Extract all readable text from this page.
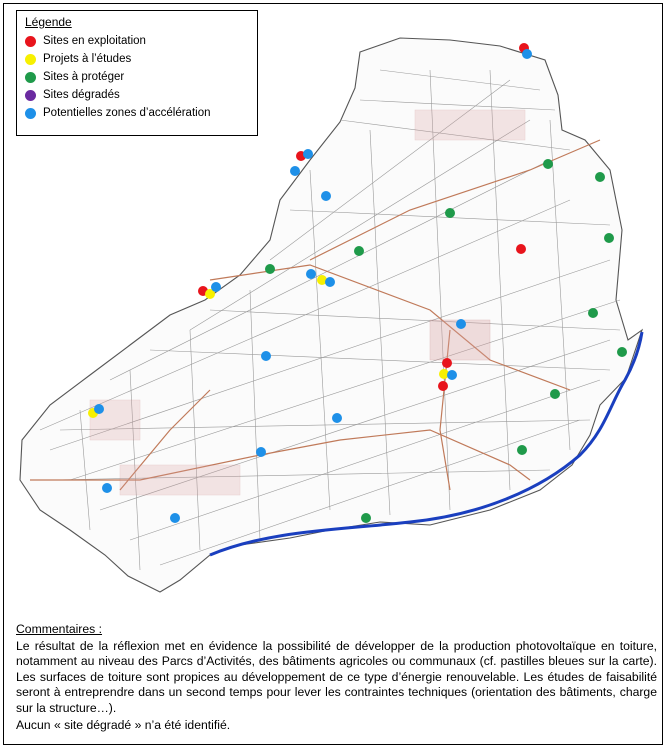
Légende
Sites en exploitation
Projets à l’études
Sites à protéger
Sites dégradés
Potentielles zones d’accélération
Commentaires :

Le résultat de la réflexion met en évidence la possibilité de développer de la production photovoltaïque en toiture, notamment au niveau des Parcs d’Activités, des bâtiments agricoles ou communaux (cf. pastilles bleues sur la carte). Les surfaces de toiture sont propices au développement de ce type d’énergie renouvelable. Les études de faisabilité seront à entreprendre dans un second temps pour lever les contraintes techniques (orientation des bâtiments, charge sur la structure…).

Aucun « site dégradé » n’a été identifié.
